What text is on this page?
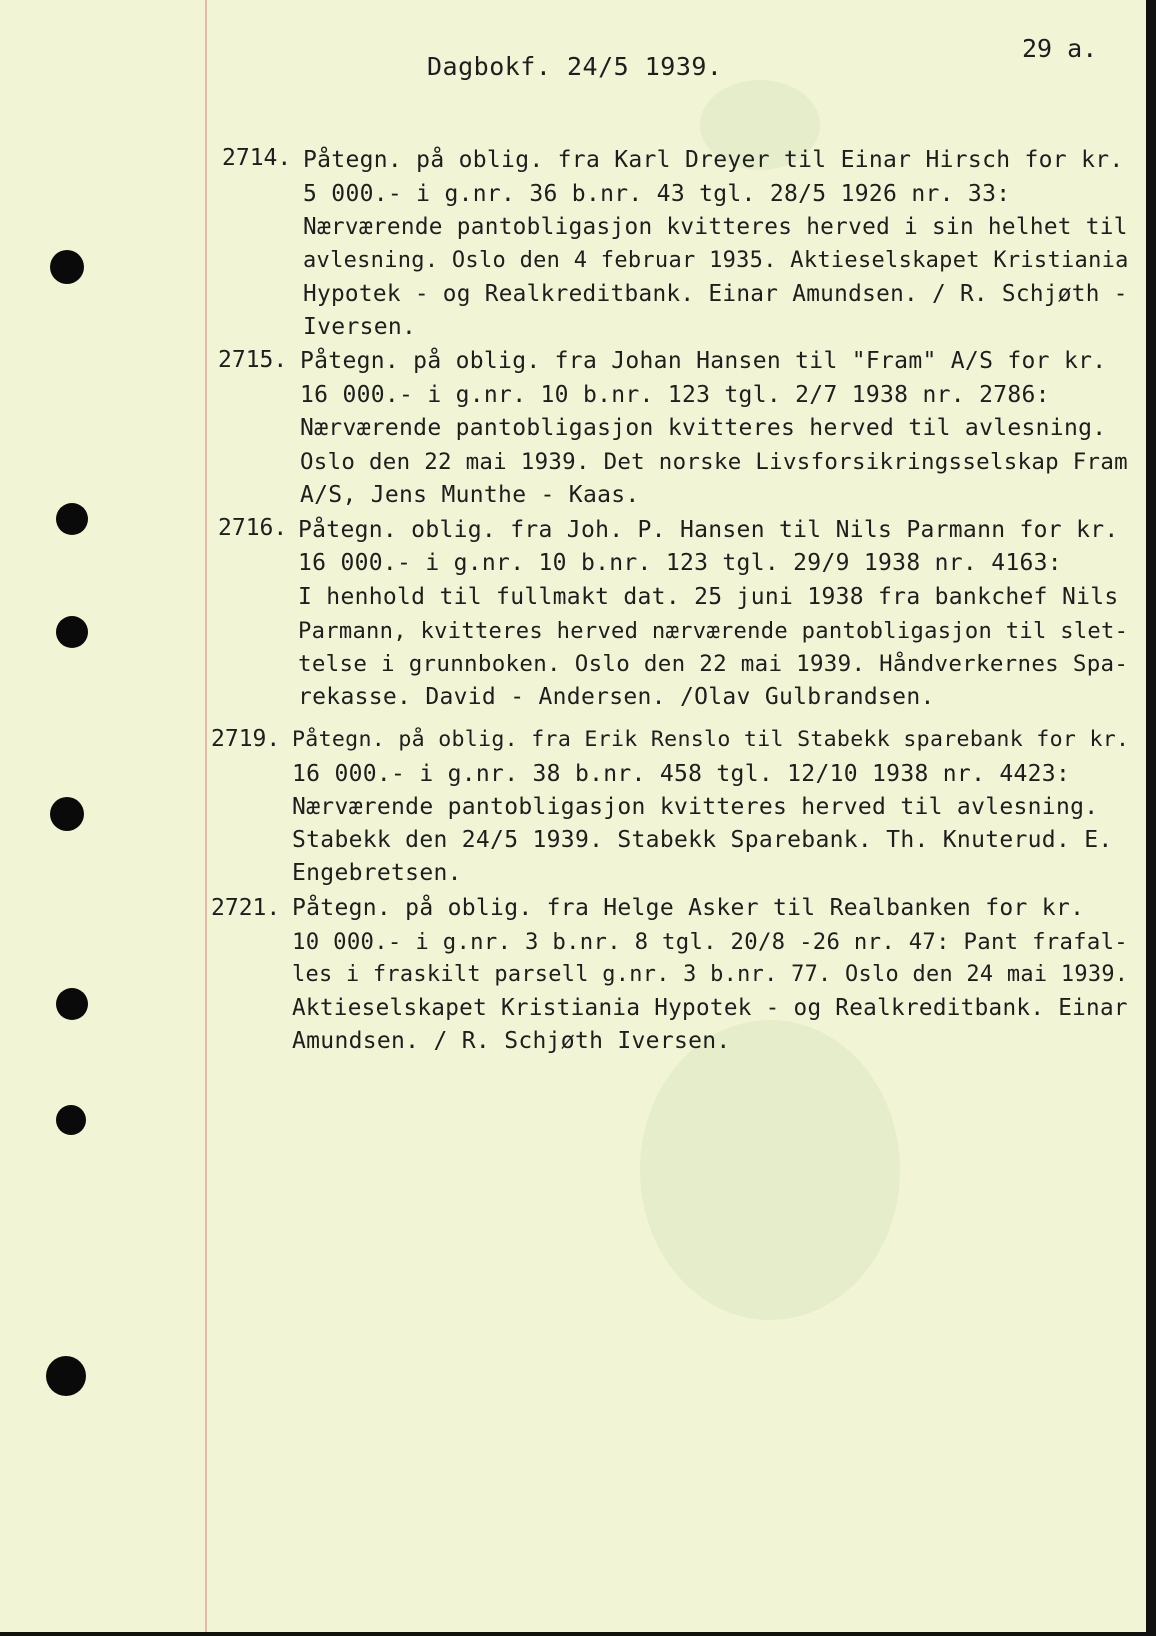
Dagbokf. 24/5 1939.
29 a.
2714. Påtegn. på oblig. fra Karl Dreyer til Einar Hirsch for kr.
5 000.- i g.nr. 36 b.nr. 43 tgl. 28/5 1926 nr. 33:
Nærværende pantobligasjon kvitteres herved i sin helhet til
avlesning. Oslo den 4 februar 1935. Aktieselskapet Kristiania
Hypotek - og Realkreditbank. Einar Amundsen. / R. Schjøth -
Iversen.
2715. Påtegn. på oblig. fra Johan Hansen til "Fram" A/S for kr.
16 000.- i g.nr. 10 b.nr. 123 tgl. 2/7 1938 nr. 2786:
Nærværende pantobligasjon kvitteres herved til avlesning.
Oslo den 22 mai 1939. Det norske Livsforsikringsselskap Fram
A/S, Jens Munthe - Kaas.
2716. Påtegn. oblig. fra Joh. P. Hansen til Nils Parmann for kr.
16 000.- i g.nr. 10 b.nr. 123 tgl. 29/9 1938 nr. 4163:
I henhold til fullmakt dat. 25 juni 1938 fra bankchef Nils
Parmann, kvitteres herved nærværende pantobligasjon til slet-
telse i grunnboken. Oslo den 22 mai 1939. Håndverkernes Spa-
rekasse. David - Andersen. /Olav Gulbrandsen.
2719. Påtegn. på oblig. fra Erik Renslo til Stabekk sparebank for kr.
16 000.- i g.nr. 38 b.nr. 458 tgl. 12/10 1938 nr. 4423:
Nærværende pantobligasjon kvitteres herved til avlesning.
Stabekk den 24/5 1939. Stabekk Sparebank. Th. Knuterud. E.
Engebretsen.
2721. Påtegn. på oblig. fra Helge Asker til Realbanken for kr.
10 000.- i g.nr. 3 b.nr. 8 tgl. 20/8 -26 nr. 47: Pant frafal-
les i fraskilt parsell g.nr. 3 b.nr. 77. Oslo den 24 mai 1939.
Aktieselskapet Kristiania Hypotek - og Realkreditbank. Einar
Amundsen. / R. Schjøth Iversen.
